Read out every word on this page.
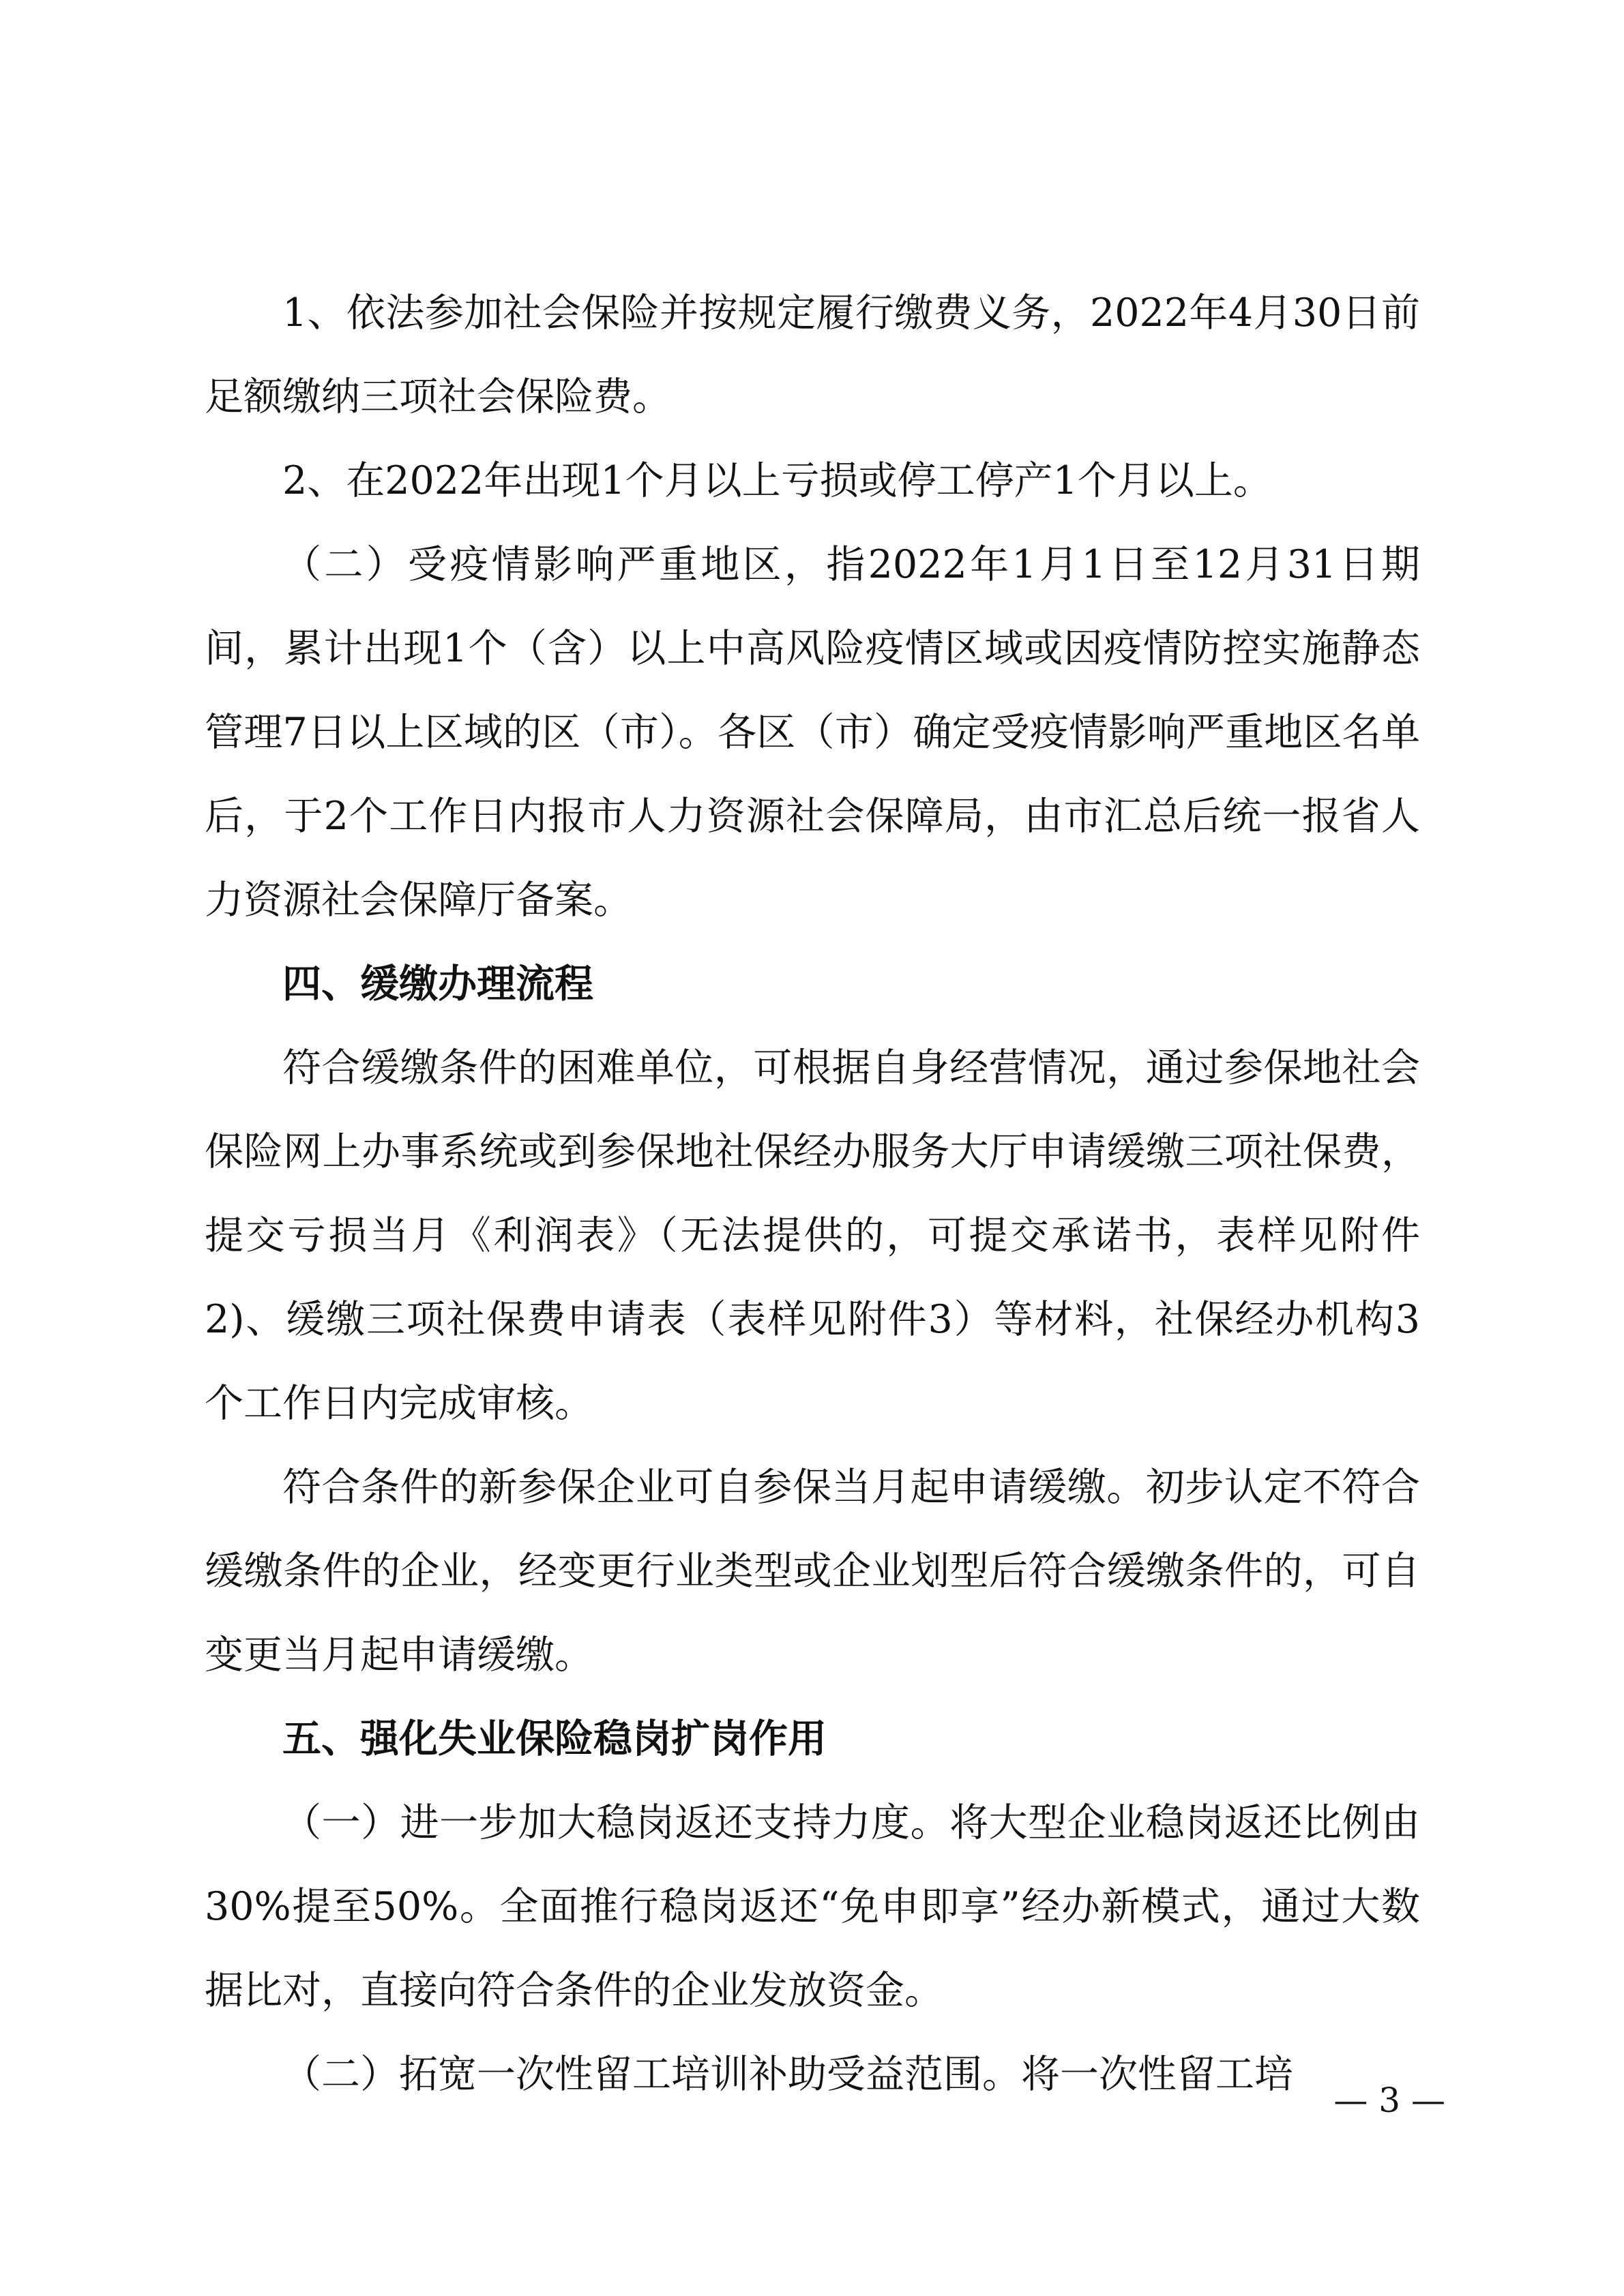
1、依法参加社会保险并按规定履行缴费义务，2022年4月30日前足额缴纳三项社会保险费。

2、在2022年出现1个月以上亏损或停工停产1个月以上。

（二）受疫情影响严重地区，指2022年1月1日至12月31日期间，累计出现1个（含）以上中高风险疫情区域或因疫情防控实施静态管理7日以上区域的区（市）。各区（市）确定受疫情影响严重地区名单后，于2个工作日内报市人力资源社会保障局，由市汇总后统一报省人力资源社会保障厅备案。

四、缓缴办理流程

符合缓缴条件的困难单位，可根据自身经营情况，通过参保地社会保险网上办事系统或到参保地社保经办服务大厅申请缓缴三项社保费，提交亏损当月《利润表》（无法提供的，可提交承诺书，表样见附件2)、缓缴三项社保费申请表（表样见附件3）等材料，社保经办机构3个工作日内完成审核。

符合条件的新参保企业可自参保当月起申请缓缴。初步认定不符合缓缴条件的企业，经变更行业类型或企业划型后符合缓缴条件的，可自变更当月起申请缓缴。

五、强化失业保险稳岗扩岗作用

（一）进一步加大稳岗返还支持力度。将大型企业稳岗返还比例由30%提至50%。全面推行稳岗返还“免申即享”经办新模式，通过大数据比对，直接向符合条件的企业发放资金。

（二）拓宽一次性留工培训补助受益范围。将一次性留工培

— 3 —
